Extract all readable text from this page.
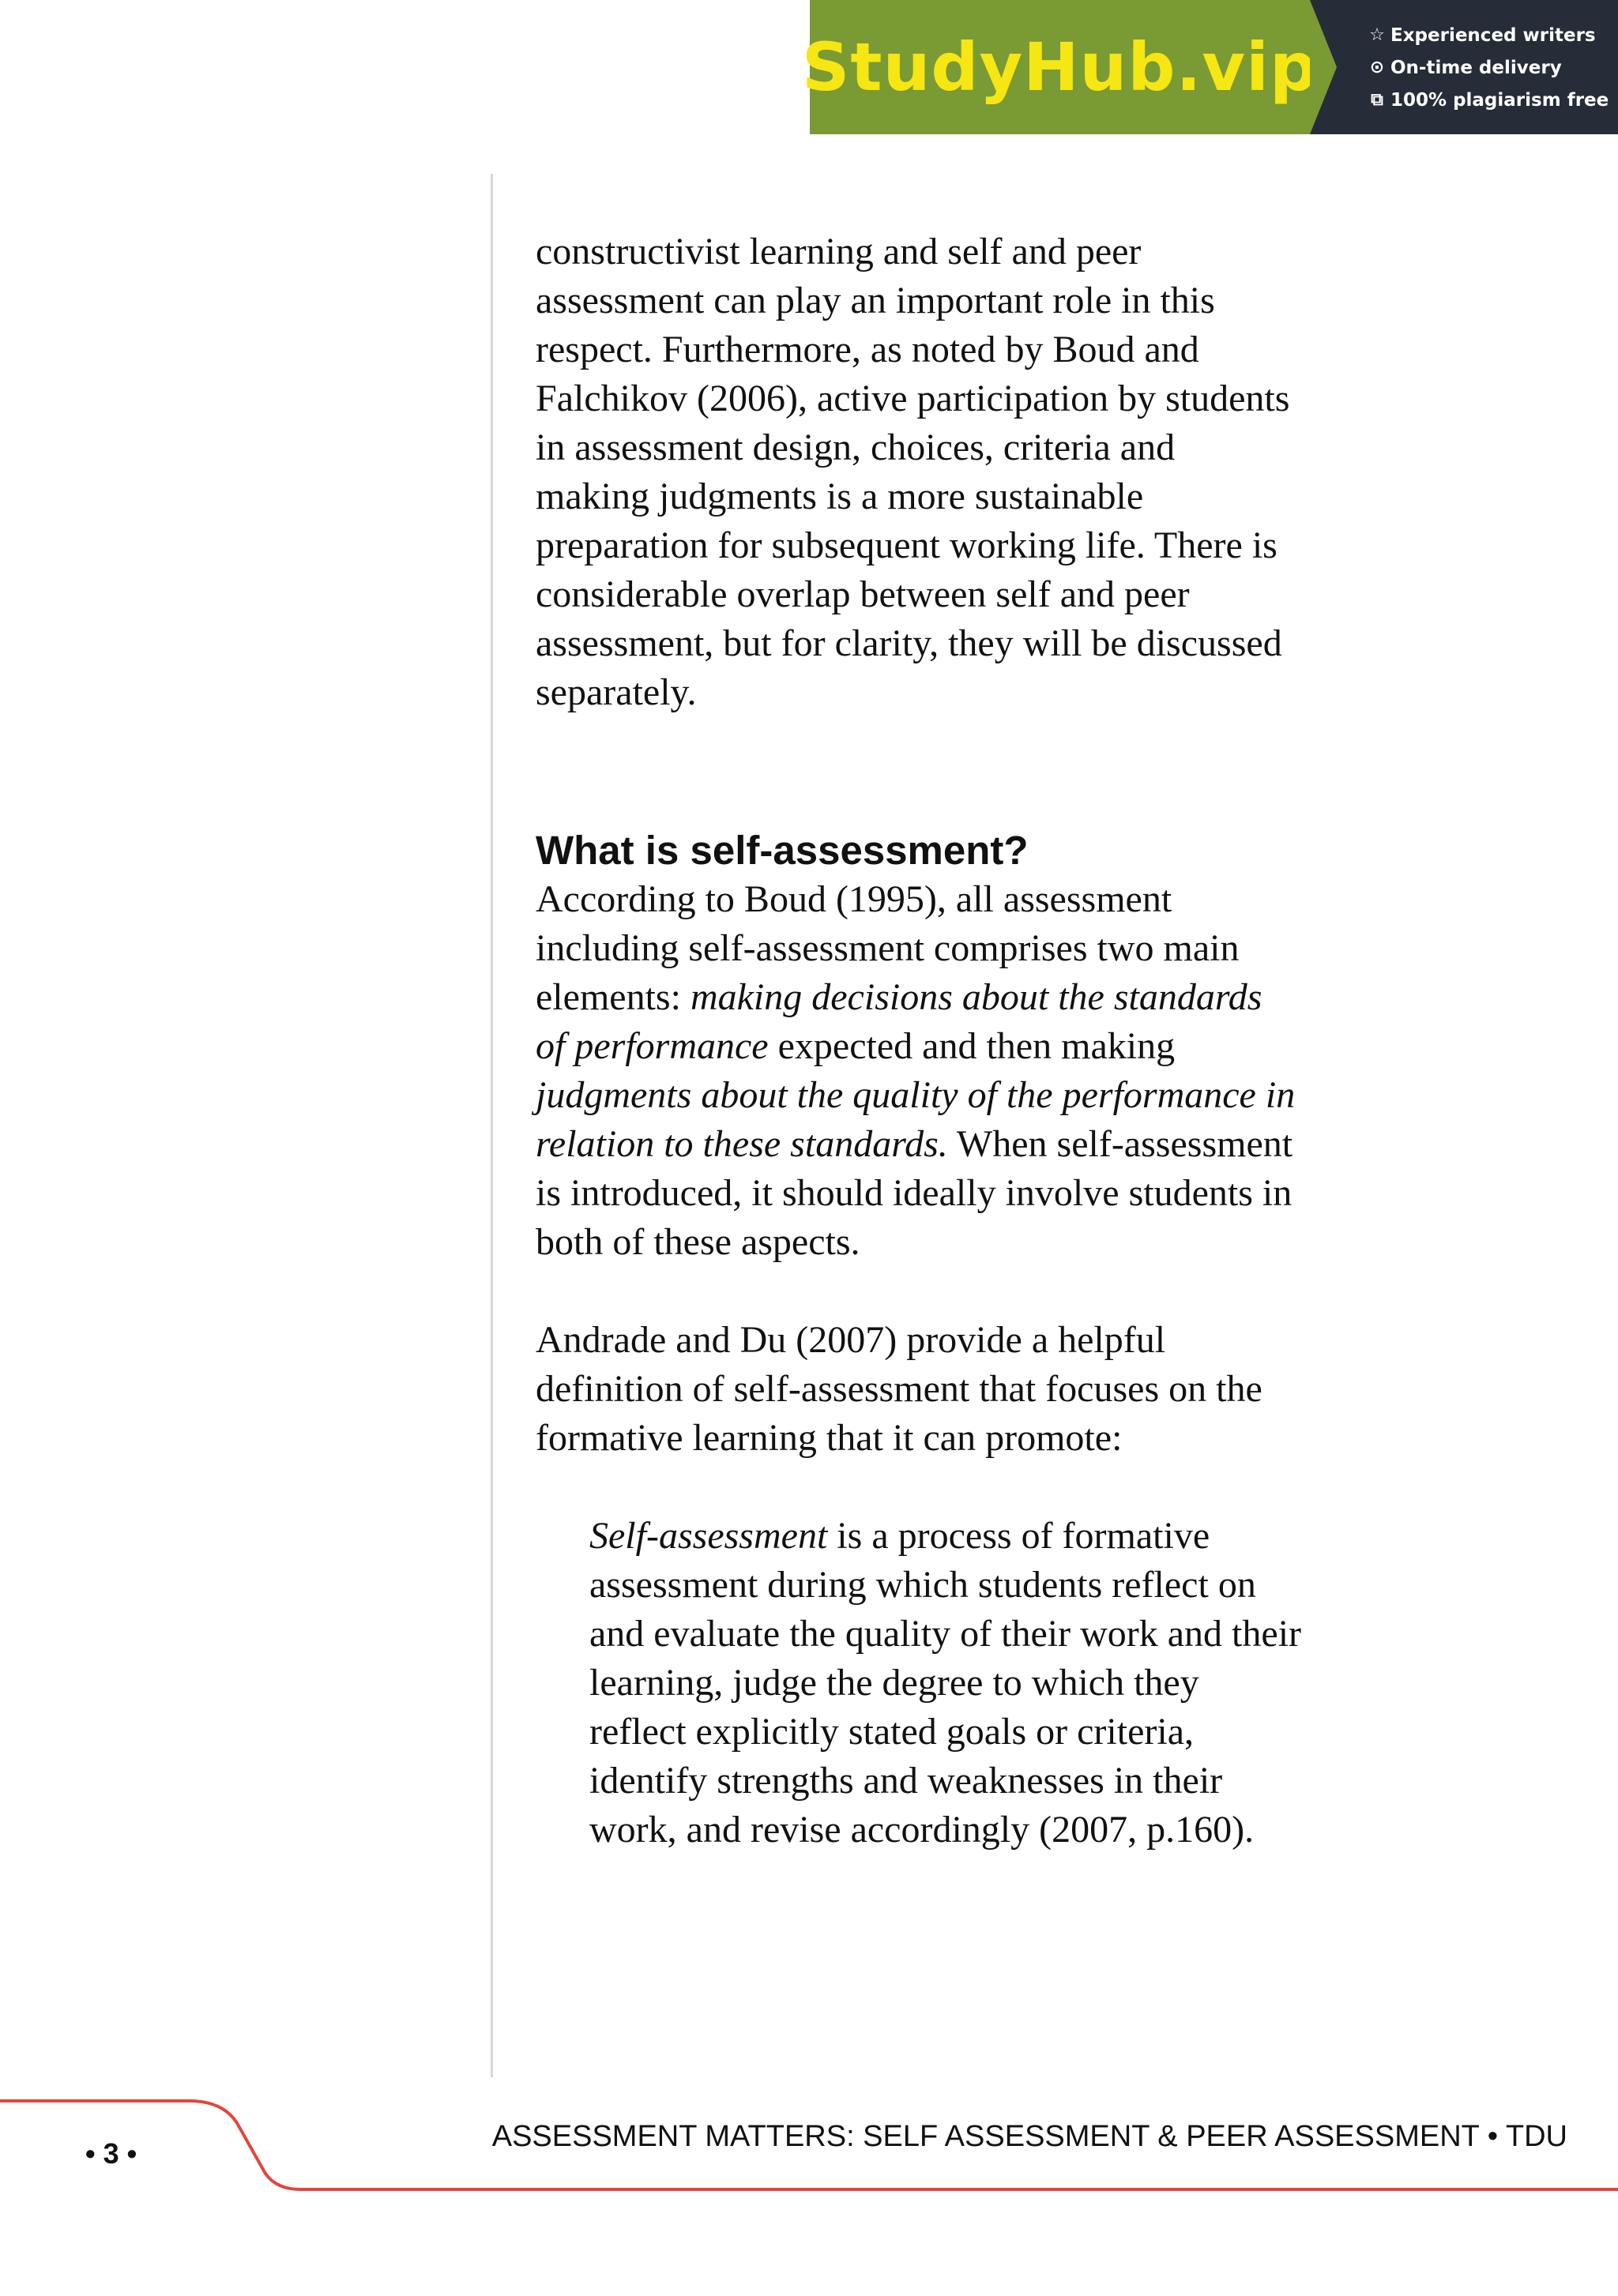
StudyHub.vip	☆ Experienced writers
⊙ On-time delivery
⧉ 100% plagiarism free

constructivist learning and self and peer
assessment can play an important role in this
respect. Furthermore, as noted by Boud and
Falchikov (2006), active participation by students
in assessment design, choices, criteria and
making judgments is a more sustainable
preparation for subsequent working life. There is
considerable overlap between self and peer
assessment, but for clarity, they will be discussed
separately.

What is self-assessment?

According to Boud (1995), all assessment
including self-assessment comprises two main
elements: making decisions about the standards
of performance expected and then making
judgments about the quality of the performance in
relation to these standards. When self-assessment
is introduced, it should ideally involve students in
both of these aspects.

Andrade and Du (2007) provide a helpful
definition of self-assessment that focuses on the
formative learning that it can promote:

Self-assessment is a process of formative
assessment during which students reflect on
and evaluate the quality of their work and their
learning, judge the degree to which they
reflect explicitly stated goals or criteria,
identify strengths and weaknesses in their
work, and revise accordingly (2007, p.160).

• 3 •
ASSESSMENT MATTERS: SELF ASSESSMENT & PEER ASSESSMENT • TDU
